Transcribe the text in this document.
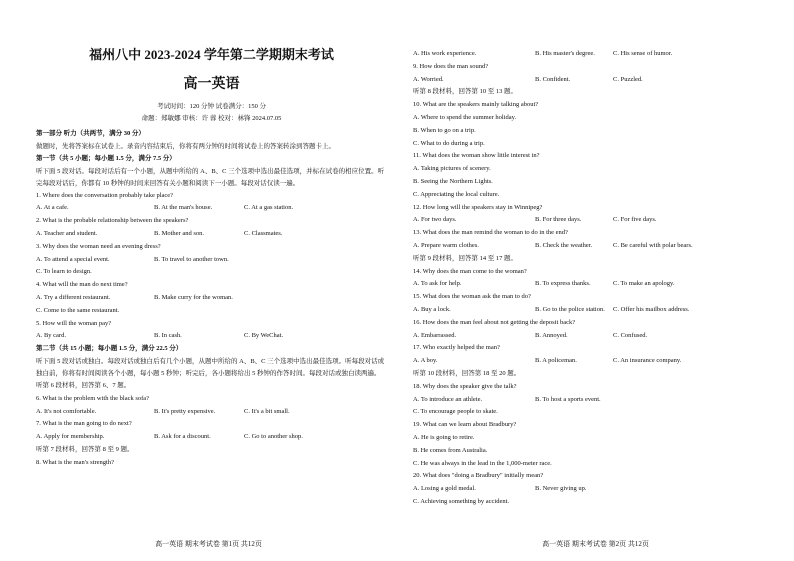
福州八中 2023-2024 学年第二学期期末考试
高一英语
考试时间：120 分钟 试卷满分：150 分
命题：郑敏娜 审核：许 蓉 校对：林锋 2024.07.05
第一部分 听力（共两节，满分 30 分）
做题时，先将答案标在试卷上。录音内容结束后，你将有两分钟的时间将试卷上的答案转涂到答题卡上。
第一节（共 5 小题；每小题 1.5 分，满分 7.5 分）
听下面 5 段对话。每段对话后有一个小题，从题中所给的 A、B、C 三个选项中选出最佳选项，并标在试卷的相应位置。听完每段对话后，你都有 10 秒钟的时间来回答有关小题和阅读下一小题。每段对话仅读一遍。
1. Where does the conversation probably take place?
A. At a cafe.	B. At the man's house.	C. At a gas station.
2. What is the probable relationship between the speakers?
A. Teacher and student.	B. Mother and son.	C. Classmates.
3. Why does the woman need an evening dress?
A. To attend a special event.	B. To travel to another town.
C. To learn to design.
4. What will the man do next time?
A. Try a different restaurant.	B. Make curry for the woman.
C. Come to the same restaurant.
5. How will the woman pay?
A. By card.	B. In cash.	C. By WeChat.
第二节（共 15 小题；每小题 1.5 分，满分 22.5 分）
听下面 5 段对话或独白。每段对话或独白后有几个小题，从题中所给的 A、B、C 三个选项中选出最佳选项。听每段对话或独白前，你将有时间阅读各个小题，每小题 5 秒钟；听完后，各小题将给出 5 秒钟的作答时间。每段对话或独白读两遍。
听第 6 段材料，回答第 6、7 题。
6. What is the problem with the black sofa?
A. It's not comfortable.	B. It's pretty expensive.	C. It's a bit small.
7. What is the man going to do next?
A. Apply for membership.	B. Ask for a discount.	C. Go to another shop.
听第 7 段材料，回答第 8 至 9 题。
8. What is the man's strength?
高一英语 期末考试卷 第1页 共12页
A. His work experience.	B. His master's degree.	C. His sense of humor.
9. How does the man sound?
A. Worried.	B. Confident.	C. Puzzled.
听第 8 段材料，回答第 10 至 13 题。
10. What are the speakers mainly talking about?
A. Where to spend the summer holiday.
B. When to go on a trip.
C. What to do during a trip.
11. What does the woman show little interest in?
A. Taking pictures of scenery.
B. Seeing the Northern Lights.
C. Appreciating the local culture.
12. How long will the speakers stay in Winnipeg?
A. For two days.	B. For three days.	C. For five days.
13. What does the man remind the woman to do in the end?
A. Prepare warm clothes.	B. Check the weather.	C. Be careful with polar bears.
听第 9 段材料，回答第 14 至 17 题。
14. Why does the man come to the woman?
A. To ask for help.	B. To express thanks.	C. To make an apology.
15. What does the woman ask the man to do?
A. Buy a lock.	B. Go to the police station.	C. Offer his mailbox address.
16. How does the man feel about not getting the deposit back?
A. Embarrassed.	B. Annoyed.	C. Confused.
17. Who exactly helped the man?
A. A boy.	B. A policeman.	C. An insurance company.
听第 10 段材料，回答第 18 至 20 题。
18. Why does the speaker give the talk?
A. To introduce an athlete.	B. To host a sports event.
C. To encourage people to skate.
19. What can we learn about Bradbury?
A. He is going to retire.
B. He comes from Australia.
C. He was always in the lead in the 1,000-meter race.
20. What does "doing a Bradbury" initially mean?
A. Losing a gold medal.	B. Never giving up.
C. Achieving something by accident.
高一英语 期末考试卷 第2页 共12页
